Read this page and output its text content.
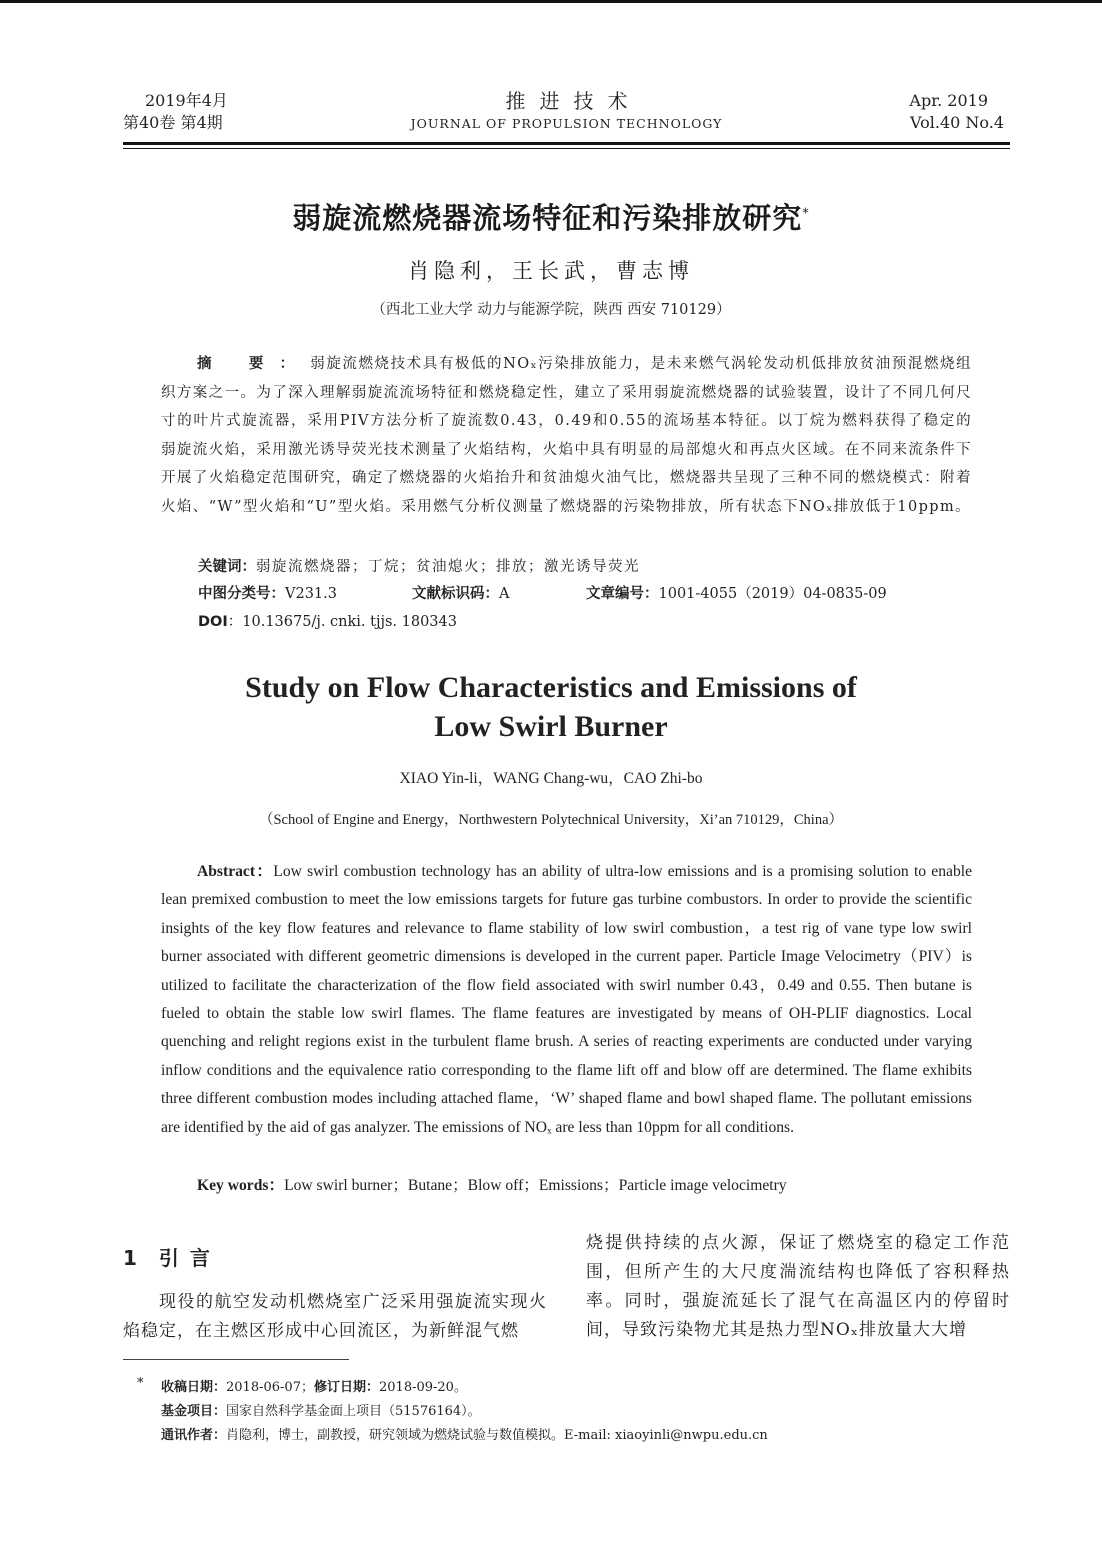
2019年4月
第40卷 第4期
推进技术
JOURNAL OF PROPULSION TECHNOLOGY
Apr. 2019
Vol.40 No.4
弱旋流燃烧器流场特征和污染排放研究*
肖隐利，王长武，曹志博
（西北工业大学 动力与能源学院，陕西 西安 710129）
摘 要：弱旋流燃烧技术具有极低的NOₓ污染排放能力，是未来燃气涡轮发动机低排放贫油预混燃烧组织方案之一。为了深入理解弱旋流流场特征和燃烧稳定性，建立了采用弱旋流燃烧器的试验装置，设计了不同几何尺寸的叶片式旋流器，采用PIV方法分析了旋流数0.43，0.49和0.55的流场基本特征。以丁烷为燃料获得了稳定的弱旋流火焰，采用激光诱导荧光技术测量了火焰结构，火焰中具有明显的局部熄火和再点火区域。在不同来流条件下开展了火焰稳定范围研究，确定了燃烧器的火焰抬升和贫油熄火油气比，燃烧器共呈现了三种不同的燃烧模式：附着火焰、“W”型火焰和“U”型火焰。采用燃气分析仪测量了燃烧器的污染物排放，所有状态下NOₓ排放低于10ppm。
关键词：弱旋流燃烧器；丁烷；贫油熄火；排放；激光诱导荧光
中图分类号：V231.3	文献标识码：A	文章编号：1001-4055（2019）04-0835-09
DOI：10.13675/j. cnki. tjjs. 180343
Study on Flow Characteristics and Emissions of
Low Swirl Burner
XIAO Yin-li，WANG Chang-wu，CAO Zhi-bo
（School of Engine and Energy，Northwestern Polytechnical University，Xi’an 710129，China）
Abstract：Low swirl combustion technology has an ability of ultra-low emissions and is a promising solution to enable lean premixed combustion to meet the low emissions targets for future gas turbine combustors. In order to provide the scientific insights of the key flow features and relevance to flame stability of low swirl combustion，a test rig of vane type low swirl burner associated with different geometric dimensions is developed in the current paper. Particle Image Velocimetry（PIV）is utilized to facilitate the characterization of the flow field associated with swirl number 0.43，0.49 and 0.55. Then butane is fueled to obtain the stable low swirl flames. The flame features are investigated by means of OH-PLIF diagnostics. Local quenching and relight regions exist in the turbulent flame brush. A series of reacting experiments are conducted under varying inflow conditions and the equivalence ratio corresponding to the flame lift off and blow off are determined. The flame exhibits three different combustion modes including attached flame，‘W’ shaped flame and bowl shaped flame. The pollutant emissions are identified by the aid of gas analyzer. The emissions of NOₓ are less than 10ppm for all conditions.
Key words：Low swirl burner；Butane；Blow off；Emissions；Particle image velocimetry
1 引 言
现役的航空发动机燃烧室广泛采用强旋流实现火焰稳定，在主燃区形成中心回流区，为新鲜混气燃
烧提供持续的点火源，保证了燃烧室的稳定工作范围，但所产生的大尺度湍流结构也降低了容积释热率。同时，强旋流延长了混气在高温区内的停留时间，导致污染物尤其是热力型NOₓ排放量大大增
* 收稿日期：2018-06-07；修订日期：2018-09-20。
基金项目：国家自然科学基金面上项目（51576164）。
通讯作者：肖隐利，博士，副教授，研究领域为燃烧试验与数值模拟。E-mail: xiaoyinli@nwpu.edu.cn
